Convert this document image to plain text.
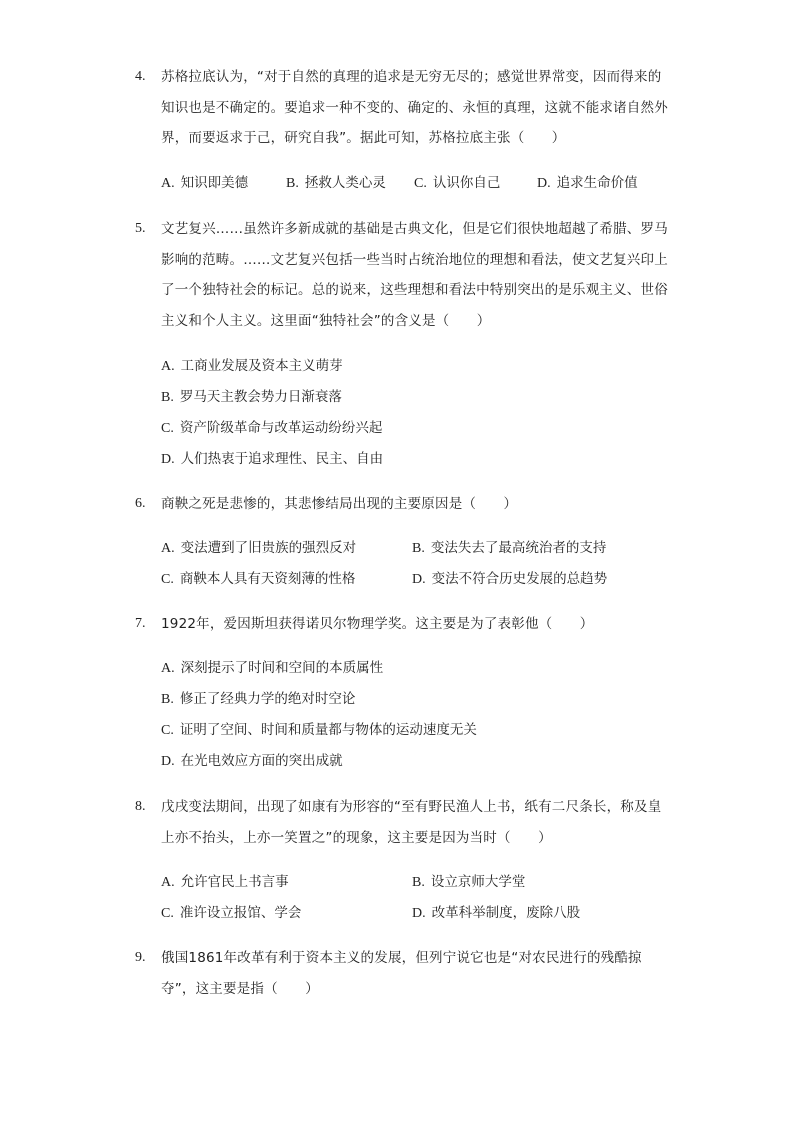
4.	苏格拉底认为，“对于自然的真理的追求是无穷无尽的；感觉世界常变，因而得来的知识也是不确定的。要追求一种不变的、确定的、永恒的真理，这就不能求诸自然外界，而要返求于己，研究自我”。据此可知，苏格拉底主张（　　）
A. 知识即美德	B. 拯救人类心灵 C. 认识你自己	D. 追求生命价值
5.	文艺复兴……虽然许多新成就的基础是古典文化，但是它们很快地超越了希腊、罗马影响的范畴。……文艺复兴包括一些当时占统治地位的理想和看法，使文艺复兴印上了一个独特社会的标记。总的说来，这些理想和看法中特别突出的是乐观主义、世俗主义和个人主义。这里面“独特社会”的含义是（　　）
A. 工商业发展及资本主义萌芽
B. 罗马天主教会势力日渐衰落
C. 资产阶级革命与改革运动纷纷兴起
D. 人们热衷于追求理性、民主、自由
6.	商鞅之死是悲惨的，其悲惨结局出现的主要原因是（　　）
A. 变法遭到了旧贵族的强烈反对	B. 变法失去了最高统治者的支持
C. 商鞅本人具有天资刻薄的性格	D. 变法不符合历史发展的总趋势
7.	1922年，爱因斯坦获得诺贝尔物理学奖。这主要是为了表彰他（　　）
A. 深刻提示了时间和空间的本质属性
B. 修正了经典力学的绝对时空论
C. 证明了空间、时间和质量都与物体的运动速度无关
D. 在光电效应方面的突出成就
8.	戊戌变法期间，出现了如康有为形容的“至有野民渔人上书，纸有二尺条长，称及皇上亦不抬头，上亦一笑置之”的现象，这主要是因为当时（　　）
A. 允许官民上书言事	B. 设立京师大学堂
C. 准许设立报馆、学会	D. 改革科举制度，废除八股
9.	俄国1861年改革有利于资本主义的发展，但列宁说它也是“对农民进行的残酷掠夺”，这主要是指（　　）
